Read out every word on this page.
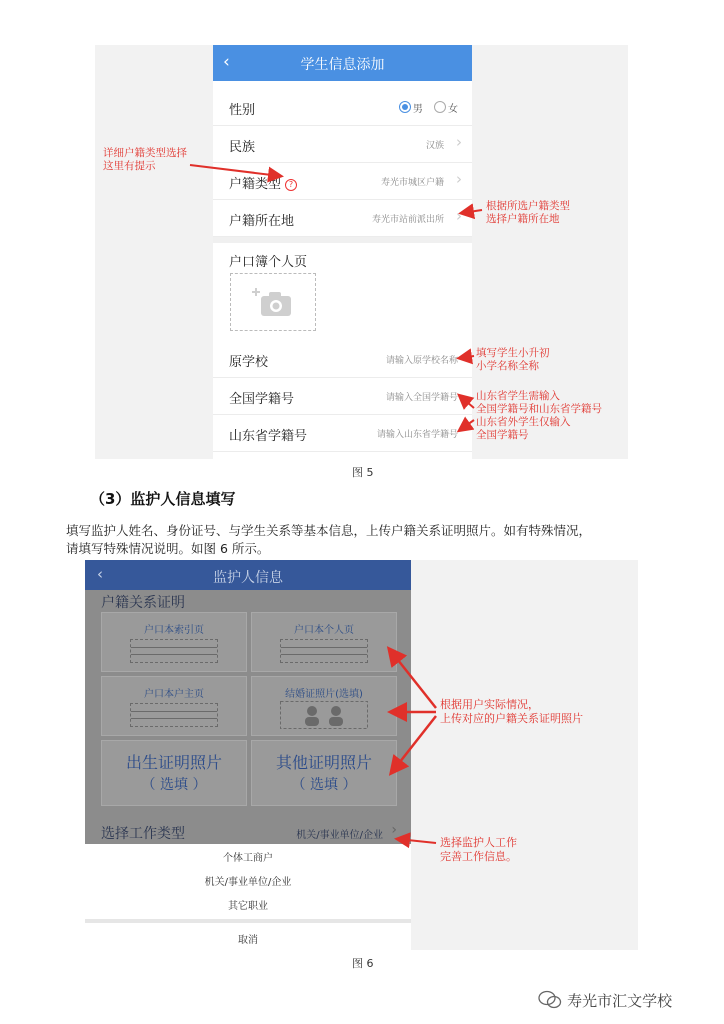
‹	学生信息添加
性别	男	女
民族	汉族 ›
户籍类型 ?	寿光市城区户籍 ›
户籍所在地	寿光市站前派出所 ›
户口簿个人页
原学校	请输入原学校名称
全国学籍号	请输入全国学籍号
山东省学籍号	请输入山东省学籍号
详细户籍类型选择
这里有提示
根据所选户籍类型
选择户籍所在地
填写学生小升初
小学名称全称
山东省学生需输入
全国学籍号和山东省学籍号
山东省外学生仅输入
全国学籍号
图 5
（3）监护人信息填写
填写监护人姓名、身份证号、与学生关系等基本信息，上传户籍关系证明照片。如有特殊情况，
请填写特殊情况说明。如图 6 所示。
‹	监护人信息
户籍关系证明
户口本索引页	户口本个人页
户口本户主页	结婚证照片(选填)
出生证明照片
（ 选填 ）
其他证明照片
（ 选填 ）
选择工作类型	机关/事业单位/企业 ›
个体工商户
机关/事业单位/企业
其它职业
取消
根据用户实际情况，
上传对应的户籍关系证明照片
选择监护人工作
完善工作信息。
图 6
寿光市汇文学校
